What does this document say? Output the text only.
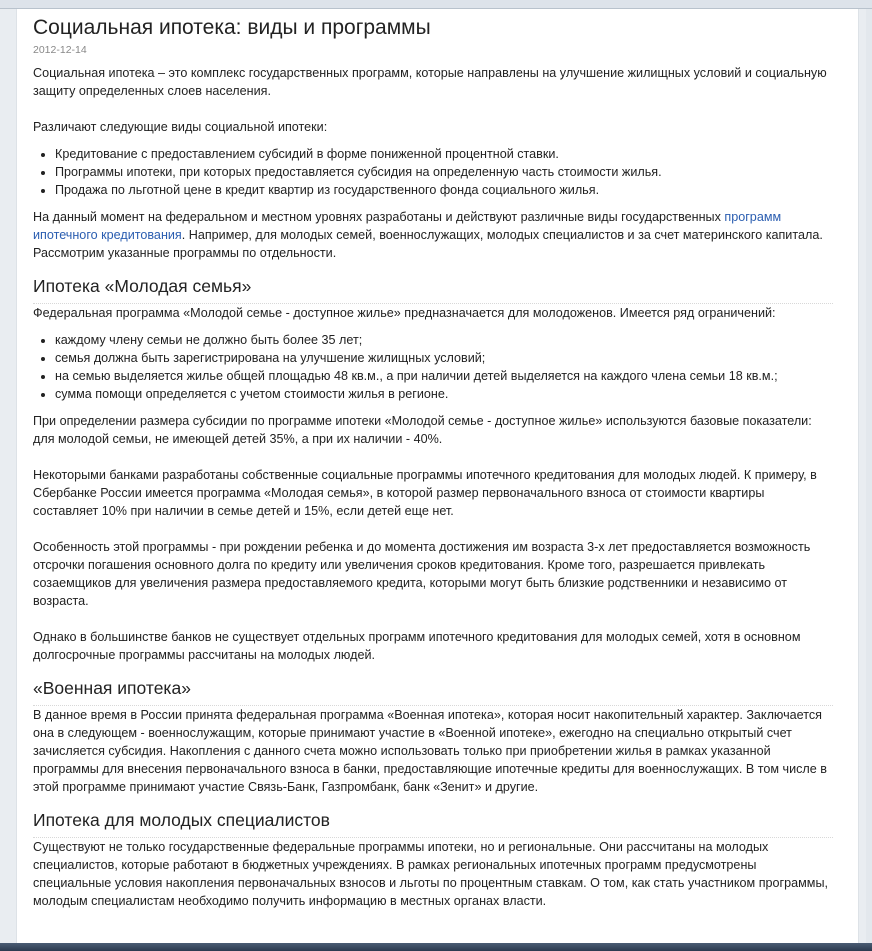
Социальная ипотека: виды и программы
2012-12-14

Социальная ипотека – это комплекс государственных программ, которые направлены на улучшение жилищных условий и социальную защиту определенных слоев населения.

Различают следующие виды социальной ипотеки:

• Кредитование с предоставлением субсидий в форме пониженной процентной ставки.
• Программы ипотеки, при которых предоставляется субсидия на определенную часть стоимости жилья.
• Продажа по льготной цене в кредит квартир из государственного фонда социального жилья.

На данный момент на федеральном и местном уровнях разработаны и действуют различные виды государственных программ ипотечного кредитования. Например, для молодых семей, военнослужащих, молодых специалистов и за счет материнского капитала. Рассмотрим указанные программы по отдельности.

Ипотека «Молодая семья»

Федеральная программа «Молодой семье - доступное жилье» предназначается для молодоженов. Имеется ряд ограничений:

• каждому члену семьи не должно быть более 35 лет;
• семья должна быть зарегистрирована на улучшение жилищных условий;
• на семью выделяется жилье общей площадью 48 кв.м., а при наличии детей выделяется на каждого члена семьи 18 кв.м.;
• сумма помощи определяется с учетом стоимости жилья в регионе.

При определении размера субсидии по программе ипотеки «Молодой семье - доступное жилье» используются базовые показатели: для молодой семьи, не имеющей детей 35%, а при их наличии - 40%.

Некоторыми банками разработаны собственные социальные программы ипотечного кредитования для молодых людей. К примеру, в Сбербанке России имеется программа «Молодая семья», в которой размер первоначального взноса от стоимости квартиры составляет 10% при наличии в семье детей и 15%, если детей еще нет.

Особенность этой программы - при рождении ребенка и до момента достижения им возраста 3-х лет предоставляется возможность отсрочки погашения основного долга по кредиту или увеличения сроков кредитования. Кроме того, разрешается привлекать созаемщиков для увеличения размера предоставляемого кредита, которыми могут быть близкие родственники и независимо от возраста.

Однако в большинстве банков не существует отдельных программ ипотечного кредитования для молодых семей, хотя в основном долгосрочные программы рассчитаны на молодых людей.

«Военная ипотека»

В данное время в России принята федеральная программа «Военная ипотека», которая носит накопительный характер. Заключается она в следующем - военнослужащим, которые принимают участие в «Военной ипотеке», ежегодно на специально открытый счет зачисляется субсидия. Накопления с данного счета можно использовать только при приобретении жилья в рамках указанной программы для внесения первоначального взноса в банки, предоставляющие ипотечные кредиты для военнослужащих. В том числе в этой программе принимают участие Связь-Банк, Газпромбанк, банк «Зенит» и другие.

Ипотека для молодых специалистов

Существуют не только государственные федеральные программы ипотеки, но и региональные. Они рассчитаны на молодых специалистов, которые работают в бюджетных учреждениях. В рамках региональных ипотечных программ предусмотрены специальные условия накопления первоначальных взносов и льготы по процентным ставкам. О том, как стать участником программы, молодым специалистам необходимо получить информацию в местных органах власти.
